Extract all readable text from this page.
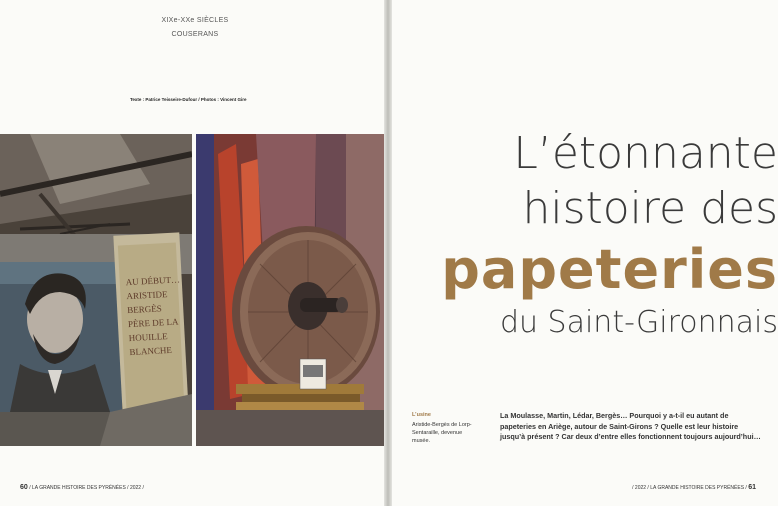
XIXe-XXe SIÈCLES
COUSERANS
Texte : Patrice Teisseire-Dufour / Photos : Vincent Gire
AU DÉBUT… ARISTIDE BERGÈS PÈRE DE LA HOUILLE BLANCHE
60 / LA GRANDE HISTOIRE DES PYRÉNÉES / 2022 /
L’étonnante
histoire des
papeteries
du Saint-Gironnais
L’usine
Aristide-Bergès de Lorp-Sentaraille, devenue musée.
La Moulasse, Martin, Lédar, Bergès… Pourquoi y a-t-il eu autant de papeteries en Ariège, autour de Saint-Girons ? Quelle est leur histoire jusqu’à présent ? Car deux d’entre elles fonctionnent toujours aujourd’hui…
/ 2022 / LA GRANDE HISTOIRE DES PYRÉNÉES / 61
